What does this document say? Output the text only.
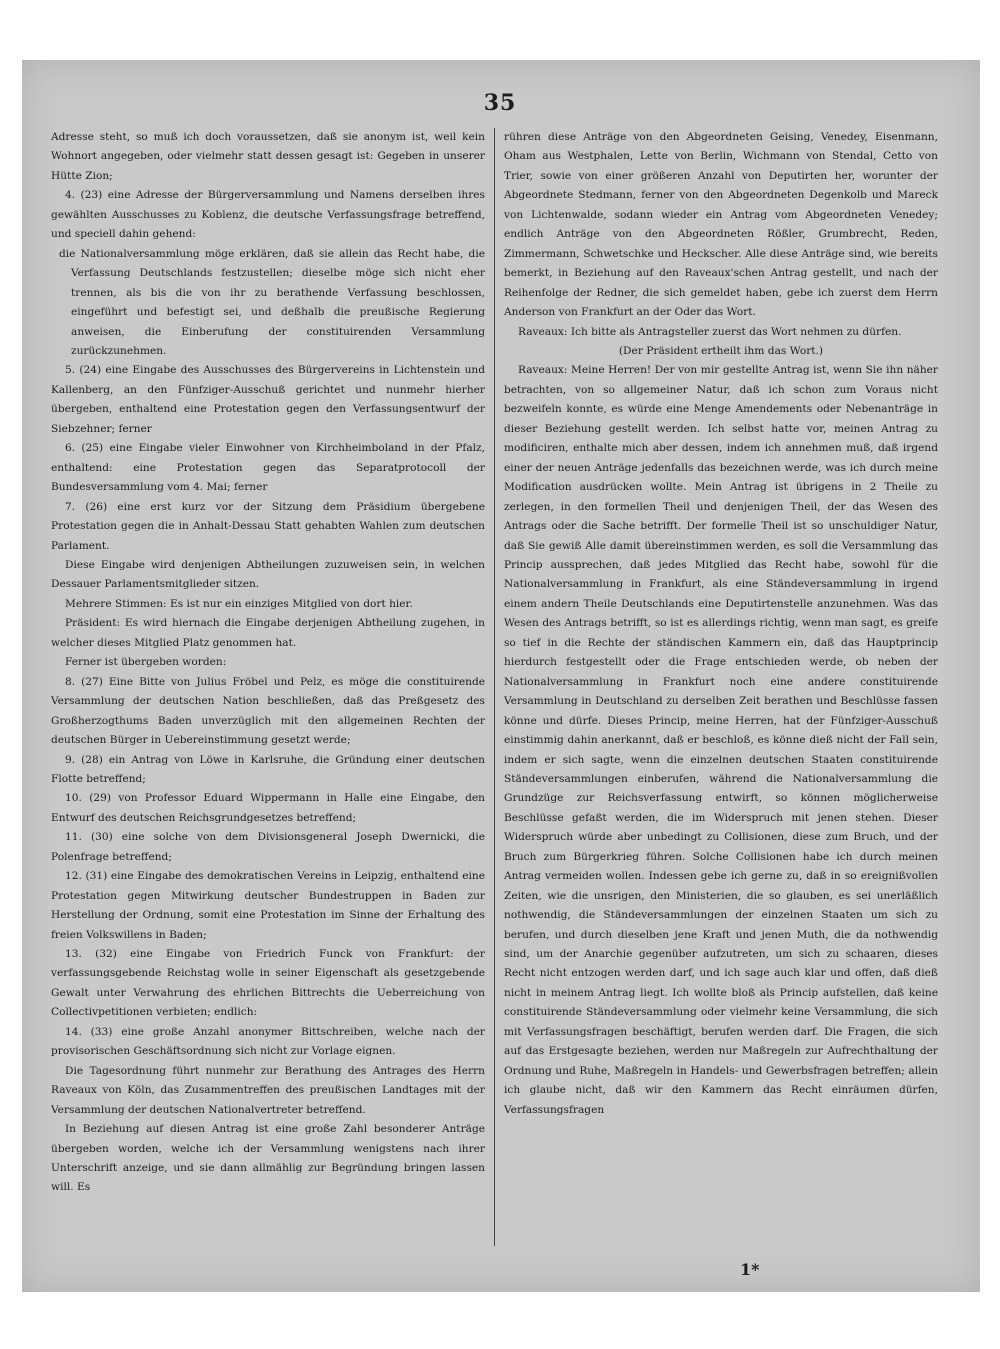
35

Adresse steht, so muß ich doch voraussetzen, daß sie anonym ist, weil kein Wohnort angegeben, oder vielmehr statt dessen gesagt ist: Gegeben in unserer Hütte Zion;

4. (23) eine Adresse der Bürgerversammlung und Namens derselben ihres gewählten Ausschusses zu Koblenz, die deutsche Verfassungsfrage betreffend, und speciell dahin gehend:

die Nationalversammlung möge erklären, daß sie allein das Recht habe, die Verfassung Deutschlands festzustellen; dieselbe möge sich nicht eher trennen, als bis die von ihr zu berathende Verfassung beschlossen, eingeführt und befestigt sei, und deßhalb die preußische Regierung anweisen, die Einberufung der constituirenden Versammlung zurückzunehmen.

5. (24) eine Eingabe des Ausschusses des Bürgervereins in Lichtenstein und Kallenberg, an den Fünfziger-Ausschuß gerichtet und nunmehr hierher übergeben, enthaltend eine Protestation gegen den Verfassungsentwurf der Siebzehner; ferner

6. (25) eine Eingabe vieler Einwohner von Kirchheimboland in der Pfalz, enthaltend: eine Protestation gegen das Separatprotocoll der Bundesversammlung vom 4. Mai; ferner

7. (26) eine erst kurz vor der Sitzung dem Präsidium übergebene Protestation gegen die in Anhalt-Dessau Statt gehabten Wahlen zum deutschen Parlament.

Diese Eingabe wird denjenigen Abtheilungen zuzuweisen sein, in welchen Dessauer Parlamentsmitglieder sitzen.

Mehrere Stimmen: Es ist nur ein einziges Mitglied von dort hier.

Präsident: Es wird hiernach die Eingabe derjenigen Abtheilung zugehen, in welcher dieses Mitglied Platz genommen hat.

Ferner ist übergeben worden:

8. (27) Eine Bitte von Julius Fröbel und Pelz, es möge die constituirende Versammlung der deutschen Nation beschließen, daß das Preßgesetz des Großherzogthums Baden unverzüglich mit den allgemeinen Rechten der deutschen Bürger in Uebereinstimmung gesetzt werde;

9. (28) ein Antrag von Löwe in Karlsruhe, die Gründung einer deutschen Flotte betreffend;

10. (29) von Professor Eduard Wippermann in Halle eine Eingabe, den Entwurf des deutschen Reichsgrundgesetzes betreffend;

11. (30) eine solche von dem Divisionsgeneral Joseph Dwernicki, die Polenfrage betreffend;

12. (31) eine Eingabe des demokratischen Vereins in Leipzig, enthaltend eine Protestation gegen Mitwirkung deutscher Bundestruppen in Baden zur Herstellung der Ordnung, somit eine Protestation im Sinne der Erhaltung des freien Volkswillens in Baden;

13. (32) eine Eingabe von Friedrich Funck von Frankfurt: der verfassungsgebende Reichstag wolle in seiner Eigenschaft als gesetzgebende Gewalt unter Verwahrung des ehrlichen Bittrechts die Ueberreichung von Collectivpetitionen verbieten; endlich:

14. (33) eine große Anzahl anonymer Bittschreiben, welche nach der provisorischen Geschäftsordnung sich nicht zur Vorlage eignen.

Die Tagesordnung führt nunmehr zur Berathung des Antrages des Herrn Raveaux von Köln, das Zusammentreffen des preußischen Landtages mit der Versammlung der deutschen Nationalvertreter betreffend.

In Beziehung auf diesen Antrag ist eine große Zahl besonderer Anträge übergeben worden, welche ich der Versammlung wenigstens nach ihrer Unterschrift anzeige, und sie dann allmählig zur Begründung bringen lassen will. Es

rühren diese Anträge von den Abgeordneten Geising, Venedey, Eisenmann, Oham aus Westphalen, Lette von Berlin, Wichmann von Stendal, Cetto von Trier, sowie von einer größeren Anzahl von Deputirten her, worunter der Abgeordnete Stedmann, ferner von den Abgeordneten Degenkolb und Mareck von Lichtenwalde, sodann wieder ein Antrag vom Abgeordneten Venedey; endlich Anträge von den Abgeordneten Rößler, Grumbrecht, Reden, Zimmermann, Schwetschke und Heckscher. Alle diese Anträge sind, wie bereits bemerkt, in Beziehung auf den Raveaux'schen Antrag gestellt, und nach der Reihenfolge der Redner, die sich gemeldet haben, gebe ich zuerst dem Herrn Anderson von Frankfurt an der Oder das Wort.

Raveaux: Ich bitte als Antragsteller zuerst das Wort nehmen zu dürfen.

(Der Präsident ertheilt ihm das Wort.)

Raveaux: Meine Herren! Der von mir gestellte Antrag ist, wenn Sie ihn näher betrachten, von so allgemeiner Natur, daß ich schon zum Voraus nicht bezweifeln konnte, es würde eine Menge Amendements oder Nebenanträge in dieser Beziehung gestellt werden. Ich selbst hatte vor, meinen Antrag zu modificiren, enthalte mich aber dessen, indem ich annehmen muß, daß irgend einer der neuen Anträge jedenfalls das bezeichnen werde, was ich durch meine Modification ausdrücken wollte. Mein Antrag ist übrigens in 2 Theile zu zerlegen, in den formellen Theil und denjenigen Theil, der das Wesen des Antrags oder die Sache betrifft. Der formelle Theil ist so unschuldiger Natur, daß Sie gewiß Alle damit übereinstimmen werden, es soll die Versammlung das Princip aussprechen, daß jedes Mitglied das Recht habe, sowohl für die Nationalversammlung in Frankfurt, als eine Ständeversammlung in irgend einem andern Theile Deutschlands eine Deputirtenstelle anzunehmen. Was das Wesen des Antrags betrifft, so ist es allerdings richtig, wenn man sagt, es greife so tief in die Rechte der ständischen Kammern ein, daß das Hauptprincip hierdurch festgestellt oder die Frage entschieden werde, ob neben der Nationalversammlung in Frankfurt noch eine andere constituirende Versammlung in Deutschland zu derselben Zeit berathen und Beschlüsse fassen könne und dürfe. Dieses Princip, meine Herren, hat der Fünfziger-Ausschuß einstimmig dahin anerkannt, daß er beschloß, es könne dieß nicht der Fall sein, indem er sich sagte, wenn die einzelnen deutschen Staaten constituirende Ständeversammlungen einberufen, während die Nationalversammlung die Grundzüge zur Reichsverfassung entwirft, so können möglicherweise Beschlüsse gefaßt werden, die im Widerspruch mit jenen stehen. Dieser Widerspruch würde aber unbedingt zu Collisionen, diese zum Bruch, und der Bruch zum Bürgerkrieg führen. Solche Collisionen habe ich durch meinen Antrag vermeiden wollen. Indessen gebe ich gerne zu, daß in so ereignißvollen Zeiten, wie die unsrigen, den Ministerien, die so glauben, es sei unerläßlich nothwendig, die Ständeversammlungen der einzelnen Staaten um sich zu berufen, und durch dieselben jene Kraft und jenen Muth, die da nothwendig sind, um der Anarchie gegenüber aufzutreten, um sich zu schaaren, dieses Recht nicht entzogen werden darf, und ich sage auch klar und offen, daß dieß nicht in meinem Antrag liegt. Ich wollte bloß als Princip aufstellen, daß keine constituirende Ständeversammlung oder vielmehr keine Versammlung, die sich mit Verfassungsfragen beschäftigt, berufen werden darf. Die Fragen, die sich auf das Erstgesagte beziehen, werden nur Maßregeln zur Aufrechthaltung der Ordnung und Ruhe, Maßregeln in Handels- und Gewerbsfragen betreffen; allein ich glaube nicht, daß wir den Kammern das Recht einräumen dürfen, Verfassungsfragen

1*
